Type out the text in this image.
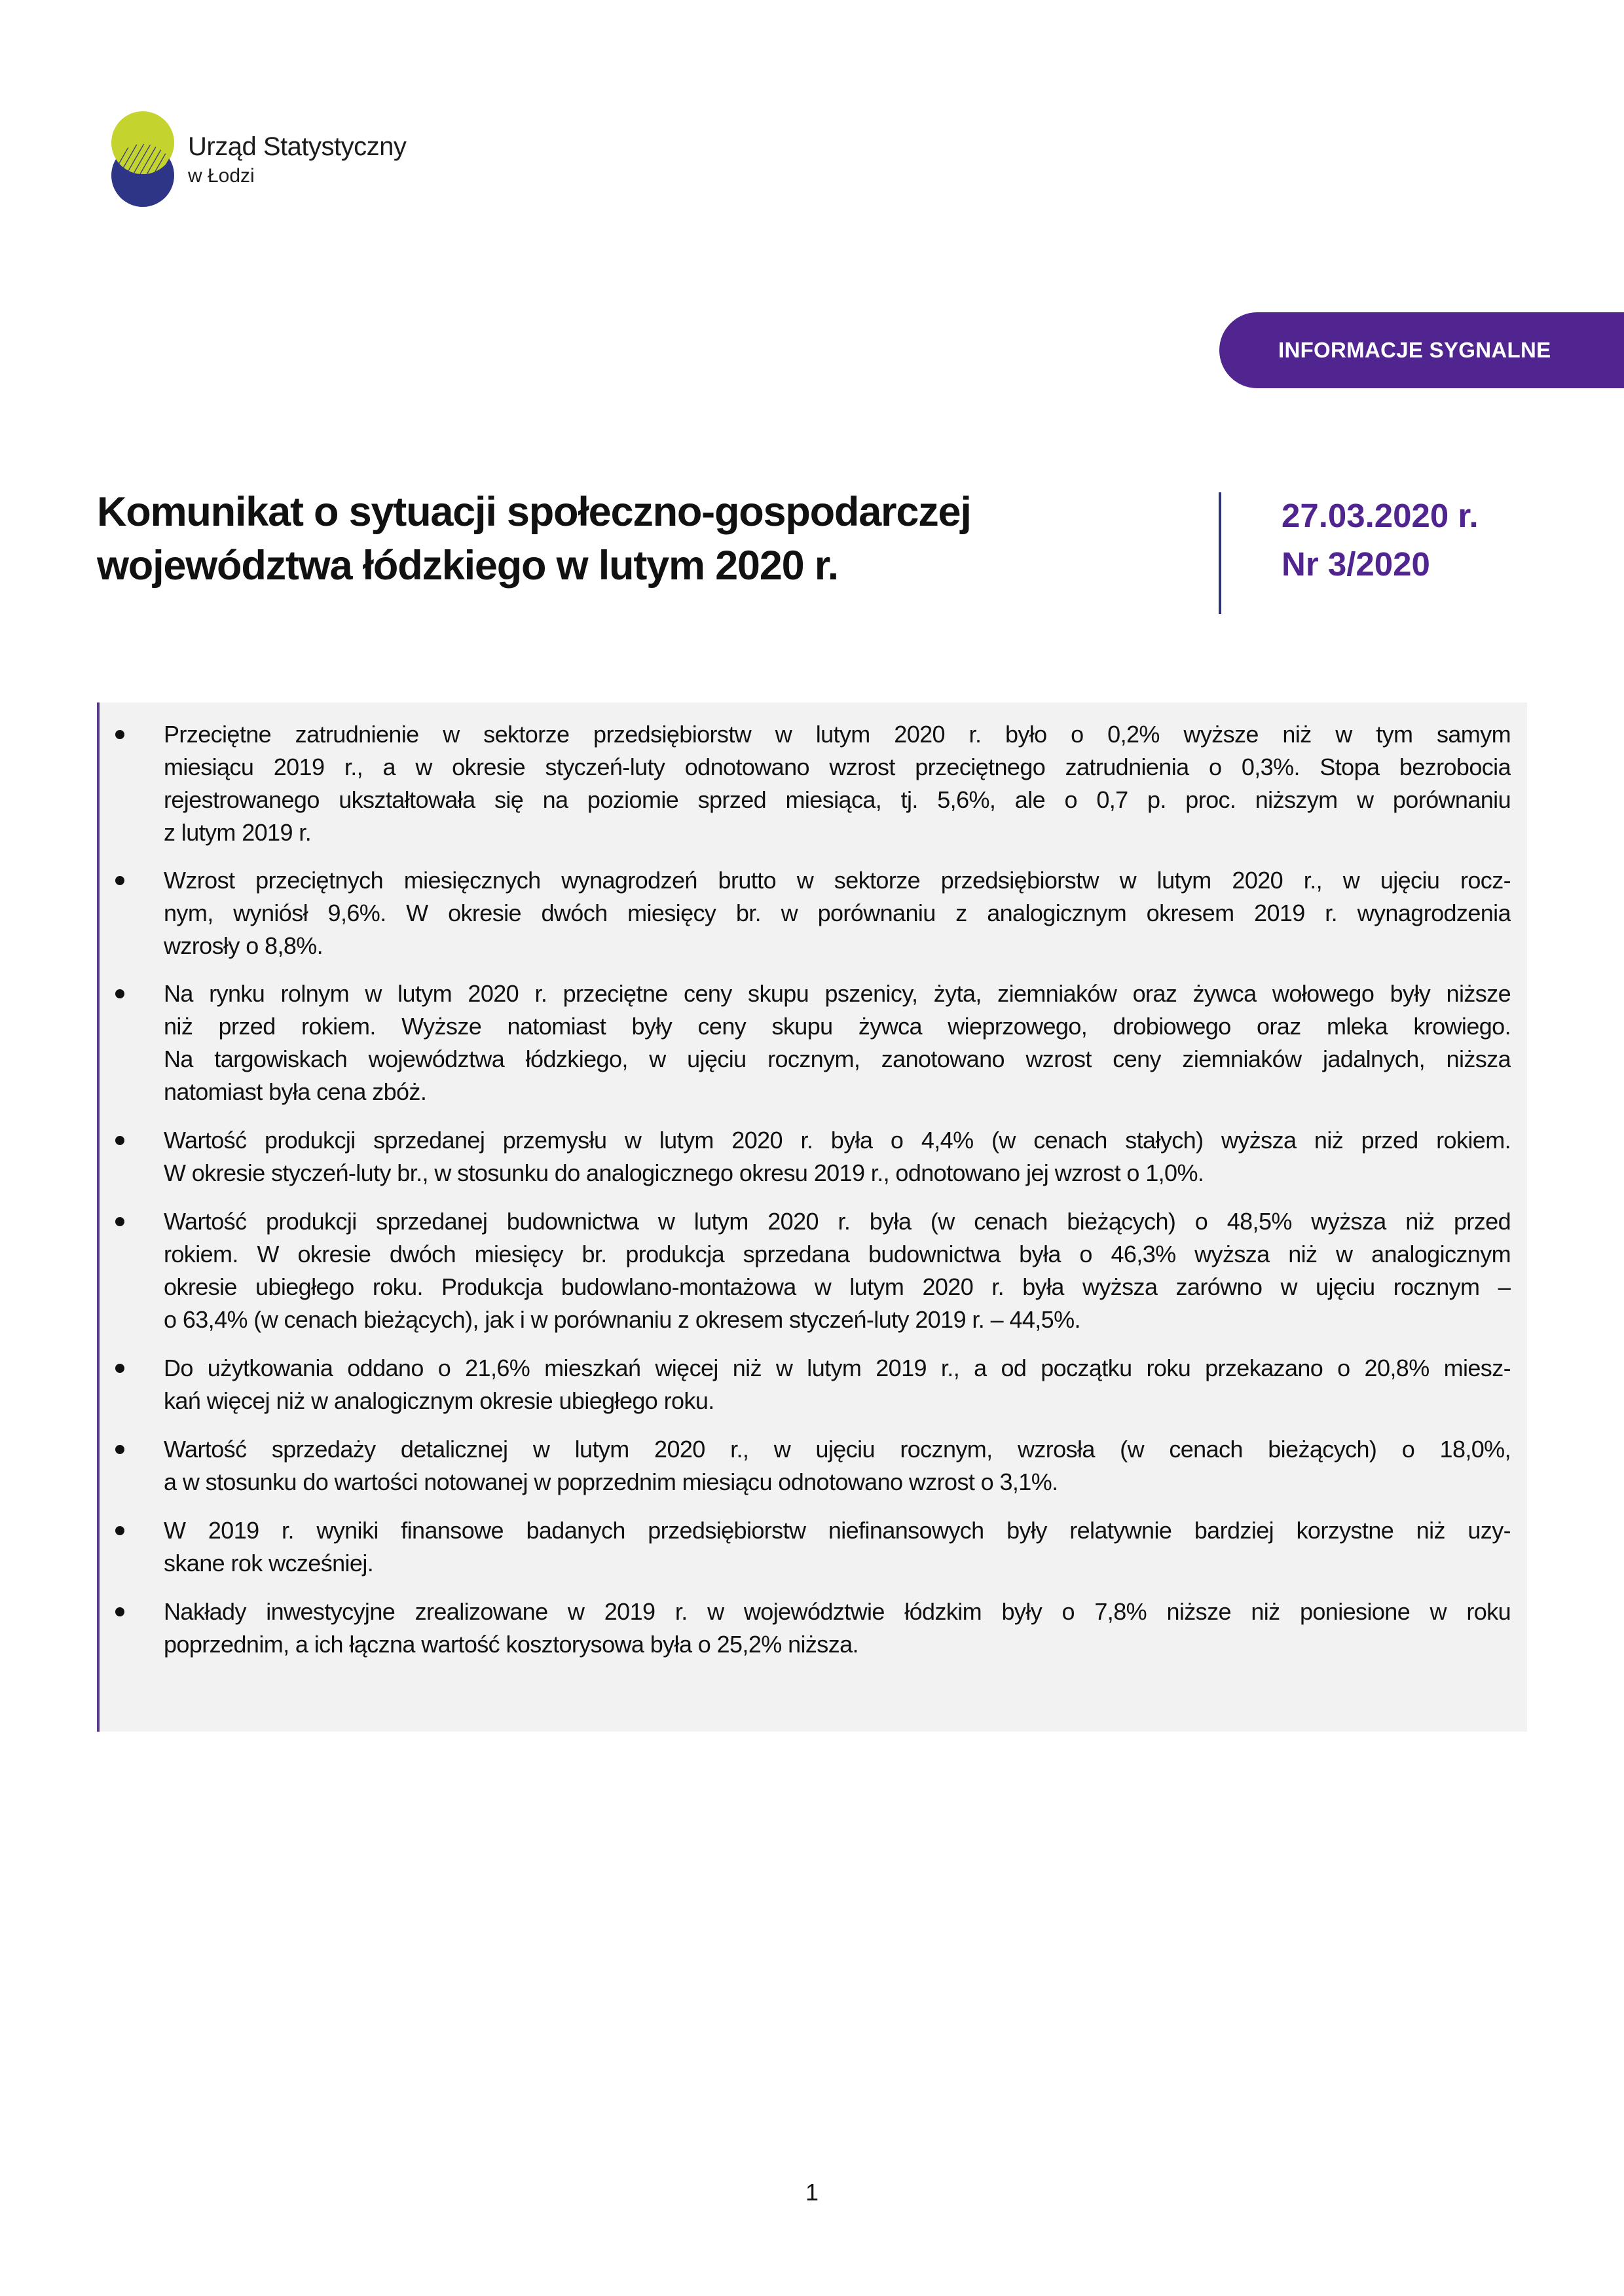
Urząd Statystyczny
w Łodzi
INFORMACJE SYGNALNE
Komunikat o sytuacji społeczno-gospodarczej
województwa łódzkiego w lutym 2020 r.
27.03.2020 r.
Nr 3/2020
Przeciętne zatrudnienie w sektorze przedsiębiorstw w lutym 2020 r. było o 0,2% wyższe niż w tym samym
miesiącu 2019 r., a w okresie styczeń-luty odnotowano wzrost przeciętnego zatrudnienia o 0,3%. Stopa bezrobocia
rejestrowanego ukształtowała się na poziomie sprzed miesiąca, tj. 5,6%, ale o 0,7 p. proc. niższym w porównaniu
z lutym 2019 r.
Wzrost przeciętnych miesięcznych wynagrodzeń brutto w sektorze przedsiębiorstw w lutym 2020 r., w ujęciu rocz-
nym, wyniósł 9,6%. W okresie dwóch miesięcy br. w porównaniu z analogicznym okresem 2019 r. wynagrodzenia
wzrosły o 8,8%.
Na rynku rolnym w lutym 2020 r. przeciętne ceny skupu pszenicy, żyta, ziemniaków oraz żywca wołowego były niższe
niż przed rokiem. Wyższe natomiast były ceny skupu żywca wieprzowego, drobiowego oraz mleka krowiego.
Na targowiskach województwa łódzkiego, w ujęciu rocznym, zanotowano wzrost ceny ziemniaków jadalnych, niższa
natomiast była cena zbóż.
Wartość produkcji sprzedanej przemysłu w lutym 2020 r. była o 4,4% (w cenach stałych) wyższa niż przed rokiem.
W okresie styczeń-luty br., w stosunku do analogicznego okresu 2019 r., odnotowano jej wzrost o 1,0%.
Wartość produkcji sprzedanej budownictwa w lutym 2020 r. była (w cenach bieżących) o 48,5% wyższa niż przed
rokiem. W okresie dwóch miesięcy br. produkcja sprzedana budownictwa była o 46,3% wyższa niż w analogicznym
okresie ubiegłego roku. Produkcja budowlano-montażowa w lutym 2020 r. była wyższa zarówno w ujęciu rocznym –
o 63,4% (w cenach bieżących), jak i w porównaniu z okresem styczeń-luty 2019 r. – 44,5%.
Do użytkowania oddano o 21,6% mieszkań więcej niż w lutym 2019 r., a od początku roku przekazano o 20,8% miesz-
kań więcej niż w analogicznym okresie ubiegłego roku.
Wartość sprzedaży detalicznej w lutym 2020 r., w ujęciu rocznym, wzrosła (w cenach bieżących) o 18,0%,
a w stosunku do wartości notowanej w poprzednim miesiącu odnotowano wzrost o 3,1%.
W 2019 r. wyniki finansowe badanych przedsiębiorstw niefinansowych były relatywnie bardziej korzystne niż uzy-
skane rok wcześniej.
Nakłady inwestycyjne zrealizowane w 2019 r. w województwie łódzkim były o 7,8% niższe niż poniesione w roku
poprzednim, a ich łączna wartość kosztorysowa była o 25,2% niższa.
1
